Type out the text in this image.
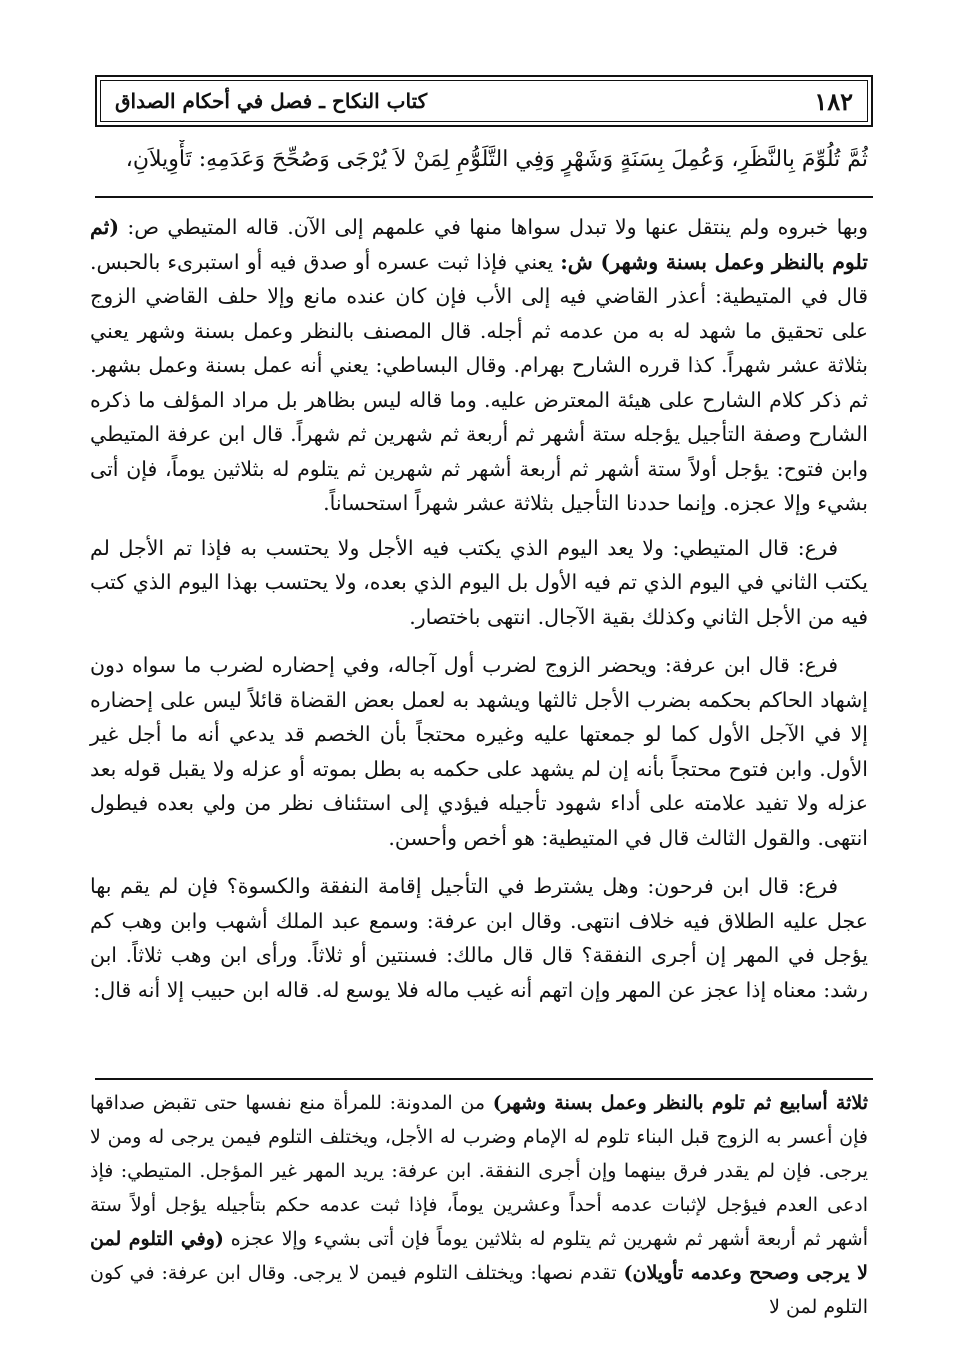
١٨٢
كتاب النكاح ـ فصل في أحكام الصداق
ثُمَّ تُلُوِّمَ بِالنَّظَرِ، وَعُمِلَ بِسَنَةٍ وَشَهْرٍ وَفِي التَّلَوُّمِ لِمَنْ لاَ يُرْجَى وَصُحِّحَ وَعَدَمِهِ: تَأْوِيلاَنِ،

وبها خبروه ولم ينتقل عنها ولا تبدل سواها منها في علمهم إلى الآن. قاله المتيطي ص: (ثم تلوم بالنظر وعمل بسنة وشهر) ش: يعني فإذا ثبت عسره أو صدق فيه أو استبرىء بالحبس. قال في المتيطية: أعذر القاضي فيه إلى الأب فإن كان عنده مانع وإلا حلف القاضي الزوج على تحقيق ما شهد له به من عدمه ثم أجله. قال المصنف بالنظر وعمل بسنة وشهر يعني بثلاثة عشر شهراً. كذا قرره الشارح بهرام. وقال البساطي: يعني أنه عمل بسنة وعمل بشهر. ثم ذكر كلام الشارح على هيئة المعترض عليه. وما قاله ليس بظاهر بل مراد المؤلف ما ذكره الشارح وصفة التأجيل يؤجله ستة أشهر ثم أربعة ثم شهرين ثم شهراً. قال ابن عرفة المتيطي وابن فتوح: يؤجل أولاً ستة أشهر ثم أربعة أشهر ثم شهرين ثم يتلوم له بثلاثين يوماً، فإن أتى بشيء وإلا عجزه. وإنما حددنا التأجيل بثلاثة عشر شهراً استحساناً.

فرع: قال المتيطي: ولا يعد اليوم الذي يكتب فيه الأجل ولا يحتسب به فإذا تم الأجل لم يكتب الثاني في اليوم الذي تم فيه الأول بل اليوم الذي بعده، ولا يحتسب بهذا اليوم الذي كتب فيه من الأجل الثاني وكذلك بقية الآجال. انتهى باختصار.

فرع: قال ابن عرفة: ويحضر الزوج لضرب أول آجاله، وفي إحضاره لضرب ما سواه دون إشهاد الحاكم بحكمه بضرب الأجل ثالثها ويشهد به لعمل بعض القضاة قائلاً ليس على إحضاره إلا في الآجل الأول كما لو جمعتها عليه وغيره محتجاً بأن الخصم قد يدعي أنه ما أجل غير الأول. وابن فتوح محتجاً بأنه إن لم يشهد على حكمه به بطل بموته أو عزله ولا يقبل قوله بعد عزله ولا تفيد علامته على أداء شهود تأجيله فيؤدي إلى استئناف نظر من ولي بعده فيطول انتهى. والقول الثالث قال في المتيطية: هو أخص وأحسن.

فرع: قال ابن فرحون: وهل يشترط في التأجيل إقامة النفقة والكسوة؟ فإن لم يقم بها عجل عليه الطلاق فيه خلاف انتهى. وقال ابن عرفة: وسمع عبد الملك أشهب وابن وهب كم يؤجل في المهر إن أجرى النفقة؟ قال قال مالك: فسنتين أو ثلاثاً. ورأى ابن وهب ثلاثاً. ابن رشد: معناه إذا عجز عن المهر وإن اتهم أنه غيب ماله فلا يوسع له. قاله ابن حبيب إلا أنه قال:

ثلاثة أسابيع ثم تلوم بالنظر وعمل بسنة وشهر) من المدونة: للمرأة منع نفسها حتى تقبض صداقها فإن أعسر به الزوج قبل البناء تلوم له الإمام وضرب له الأجل، ويختلف التلوم فيمن يرجى له ومن لا يرجى. فإن لم يقدر فرق بينهما وإن أجرى النفقة. ابن عرفة: يريد المهر غير المؤجل. المتيطي: فإذ ادعى العدم فيؤجل لإثبات عدمه أحداً وعشرين يوماً، فإذا ثبت عدمه حكم بتأجيله يؤجل أولاً ستة أشهر ثم أربعة أشهر ثم شهرين ثم يتلوم له بثلاثين يوماً فإن أتى بشيء وإلا عجزه (وفي التلوم لمن لا يرجى وصحح وعدمه تأويلان) تقدم نصها: ويختلف التلوم فيمن لا يرجى. وقال ابن عرفة: في كون التلوم لمن لا
